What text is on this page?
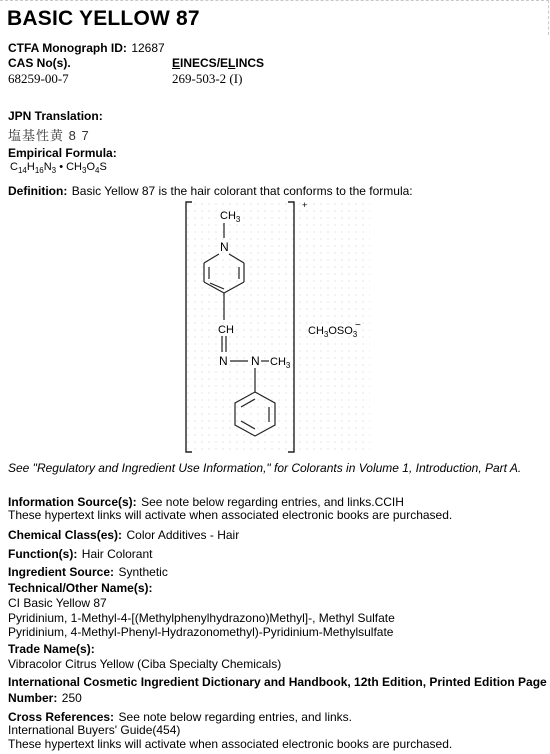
BASIC YELLOW 87
CTFA Monograph ID: 12687
CAS No(s).	EINECS/ELINCS
68259-00-7	269-503-2 (I)
JPN Translation:
塩基性黄 8 7
Empirical Formula:
$C_{14}H_{16}N_3$ • $CH_3O_4S$
Definition: Basic Yellow 87 is the hair colorant that conforms to the formula:
+
$CH_3$
N
CH
N N $CH_3$
$CH_3OSO_3$
−
See "Regulatory and Ingredient Use Information," for Colorants in Volume 1, Introduction, Part A.
Information Source(s): See note below regarding entries, and links.CCIH
These hypertext links will activate when associated electronic books are purchased.
Chemical Class(es): Color Additives - Hair
Function(s): Hair Colorant
Ingredient Source: Synthetic
Technical/Other Name(s):
CI Basic Yellow 87
Pyridinium, 1-Methyl-4-[(Methylphenylhydrazono)Methyl]-, Methyl Sulfate
Pyridinium, 4-Methyl-Phenyl-Hydrazonomethyl)-Pyridinium-Methylsulfate
Trade Name(s):
Vibracolor Citrus Yellow (Ciba Specialty Chemicals)
International Cosmetic Ingredient Dictionary and Handbook, 12th Edition, Printed Edition Page
Number: 250
Cross References: See note below regarding entries, and links.
International Buyers' Guide(454)
These hypertext links will activate when associated electronic books are purchased.
